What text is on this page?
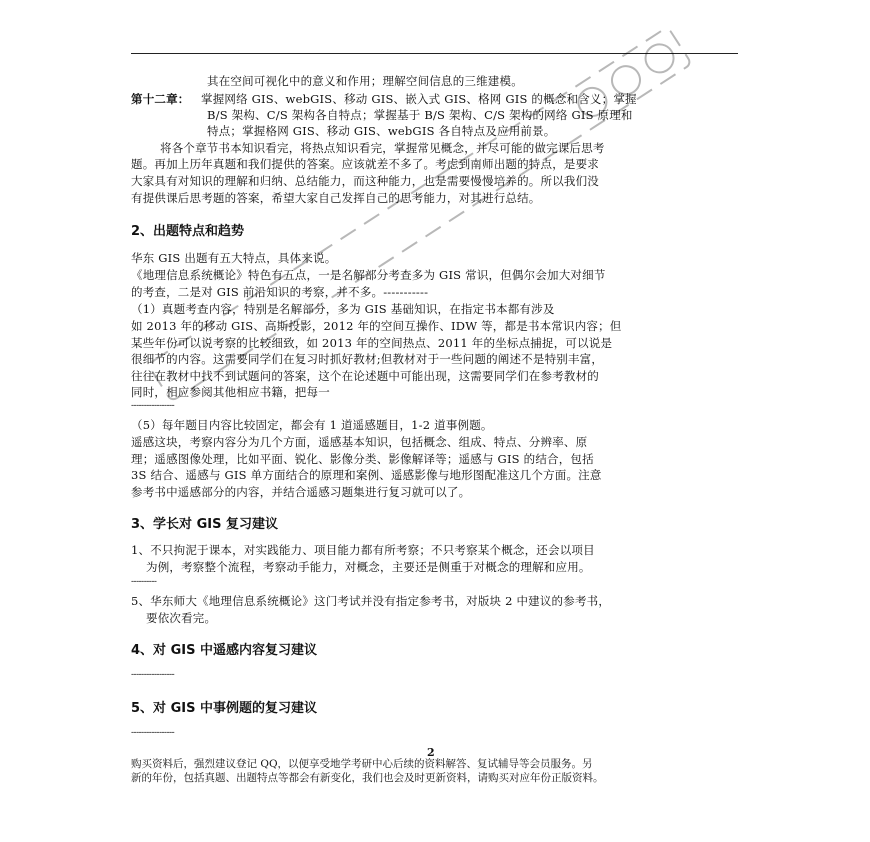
其在空间可视化中的意义和作用；理解空间信息的三维建模。
第十二章： 掌握网络 GIS、webGIS、移动 GIS、嵌入式 GIS、格网 GIS 的概念和含义；掌握
B/S 架构、C/S 架构各自特点；掌握基于 B/S 架构、C/S 架构的网络 GIS 原理和
特点；掌握格网 GIS、移动 GIS、webGIS 各自特点及应用前景。
将各个章节书本知识看完，将热点知识看完，掌握常见概念，并尽可能的做完课后思考
题。再加上历年真题和我们提供的答案。应该就差不多了。考虑到南师出题的特点，是要求
大家具有对知识的理解和归纳、总结能力，而这种能力，也是需要慢慢培养的。所以我们没
有提供课后思考题的答案，希望大家自己发挥自己的思考能力，对其进行总结。
2、出题特点和趋势
华东 GIS 出题有五大特点，具体来说。
《地理信息系统概论》特色有五点，一是名解部分考查多为 GIS 常识，但偶尔会加大对细节
的考查，二是对 GIS 前沿知识的考察，并不多。-----------
（1）真题考查内容，特别是名解部分，多为 GIS 基础知识，在指定书本都有涉及
如 2013 年的移动 GIS、高斯投影，2012 年的空间互操作、IDW 等，都是书本常识内容；但
某些年份可以说考察的比较细致，如 2013 年的空间热点、2011 年的坐标点捕捉，可以说是
很细节的内容。这需要同学们在复习时抓好教材;但教材对于一些问题的阐述不是特别丰富，
往往在教材中找不到试题问的答案，这个在论述题中可能出现，这需要同学们在参考教材的
同时，相应参阅其他相应书籍，把每一
-----------------
（5）每年题目内容比较固定，都会有 1 道遥感题目，1-2 道事例题。
遥感这块，考察内容分为几个方面，遥感基本知识，包括概念、组成、特点、分辨率、原
理；遥感图像处理，比如平面、锐化、影像分类、影像解译等；遥感与 GIS 的结合，包括
3S 结合、遥感与 GIS 单方面结合的原理和案例、遥感影像与地形图配准这几个方面。注意
参考书中遥感部分的内容，并结合遥感习题集进行复习就可以了。
3、学长对 GIS 复习建议
1、不只拘泥于课本，对实践能力、项目能力都有所考察；不只考察某个概念，还会以项目
为例，考察整个流程，考察动手能力，对概念，主要还是侧重于对概念的理解和应用。
----------
5、华东师大《地理信息系统概论》这门考试并没有指定参考书，对版块 2 中建议的参考书，
要依次看完。
4、对 GIS 中遥感内容复习建议
-----------------
5、对 GIS 中事例题的复习建议
-----------------
2
购买资料后，强烈建议登记 QQ，以便享受地学考研中心后续的资料解答、复试辅导等会员服务。另
新的年份，包括真题、出题特点等都会有新变化，我们也会及时更新资料，请购买对应年份正版资料。
